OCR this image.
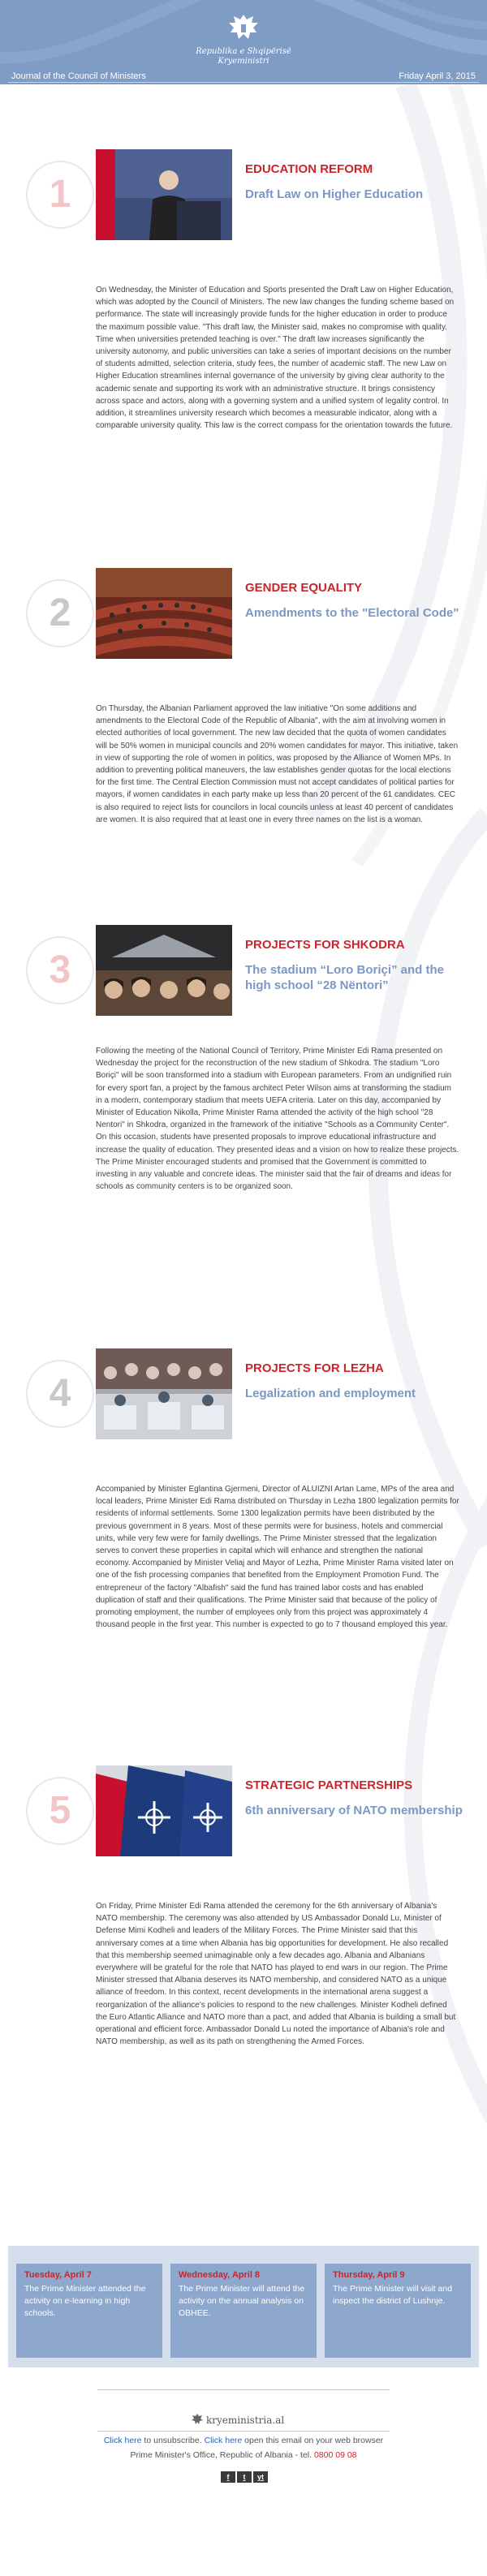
Republika e Shqipërisë
Kryeministri
Journal of the Council of Ministers	Friday April 3, 2015
1
EDUCATION REFORM
Draft Law on Higher Education
On Wednesday, the Minister of Education and Sports presented the Draft Law on Higher Education, which was adopted by the Council of Ministers. The new law changes the funding scheme based on performance. The state will increasingly provide funds for the higher education in order to produce the maximum possible value. "This draft law, the Minister said, makes no compromise with quality. Time when universities pretended teaching is over." The draft law increases significantly the university autonomy, and public universities can take a series of important decisions on the number of students admitted, selection criteria, study fees, the number of academic staff. The new Law on Higher Education streamlines internal governance of the university by giving clear authority to the academic senate and supporting its work with an administrative structure. It brings consistency across space and actors, along with a governing system and a unified system of legality control. In addition, it streamlines university research which becomes a measurable indicator, along with a comparable university quality. This law is the correct compass for the orientation towards the future.
2
GENDER EQUALITY
Amendments to the "Electoral Code"
On Thursday, the Albanian Parliament approved the law initiative "On some additions and amendments to the Electoral Code of the Republic of Albania", with the aim at involving women in elected authorities of local government. The new law decided that the quota of women candidates will be 50% women in municipal councils and 20% women candidates for mayor. This initiative, taken in view of supporting the role of women in politics, was proposed by the Alliance of Women MPs. In addition to preventing political maneuvers, the law establishes gender quotas for the local elections for the first time. The Central Election Commission must not accept candidates of political parties for mayors, if women candidates in each party make up less than 20 percent of the 61 candidates. CEC is also required to reject lists for councilors in local councils unless at least 40 percent of candidates are women. It is also required that at least one in every three names on the list is a woman.
3
PROJECTS FOR SHKODRA
The stadium “Loro Boriçi” and the high school “28 Nëntori”
Following the meeting of the National Council of Territory, Prime Minister Edi Rama presented on Wednesday the project for the reconstruction of the new stadium of Shkodra. The stadium "Loro Boriçi" will be soon transformed into a stadium with European parameters. From an undignified ruin for every sport fan, a project by the famous architect Peter Wilson aims at transforming the stadium in a modern, contemporary stadium that meets UEFA criteria. Later on this day, accompanied by Minister of Education Nikolla, Prime Minister Rama attended the activity of the high school "28 Nentori" in Shkodra, organized in the framework of the initiative "Schools as a Community Center". On this occasion, students have presented proposals to improve educational infrastructure and increase the quality of education. They presented ideas and a vision on how to realize these projects. The Prime Minister encouraged students and promised that the Government is committed to investing in any valuable and concrete ideas. The minister said that the fair of dreams and ideas for schools as community centers is to be organized soon.
4
PROJECTS FOR LEZHA
Legalization and employment
Accompanied by Minister Eglantina Gjermeni, Director of ALUIZNI Artan Lame, MPs of the area and local leaders, Prime Minister Edi Rama distributed on Thursday in Lezha 1800 legalization permits for residents of informal settlements. Some 1300 legalization permits have been distributed by the previous government in 8 years. Most of these permits were for business, hotels and commercial units, while very few were for family dwellings. The Prime Minister stressed that the legalization serves to convert these properties in capital which will enhance and strengthen the national economy. Accompanied by Minister Veliaj and Mayor of Lezha, Prime Minister Rama visited later on one of the fish processing companies that benefited from the Employment Promotion Fund. The entrepreneur of the factory "Albafish" said the fund has trained labor costs and has enabled duplication of staff and their qualifications. The Prime Minister said that because of the policy of promoting employment, the number of employees only from this project was approximately 4 thousand people in the first year. This number is expected to go to 7 thousand employed this year.
5
STRATEGIC PARTNERSHIPS
6th anniversary of NATO membership
On Friday, Prime Minister Edi Rama attended the ceremony for the 6th anniversary of Albania's NATO membership. The ceremony was also attended by US Ambassador Donald Lu, Minister of Defense Mimi Kodheli and leaders of the Military Forces. The Prime Minister said that this anniversary comes at a time when Albania has big opportunities for development. He also recalled that this membership seemed unimaginable only a few decades ago. Albania and Albanians everywhere will be grateful for the role that NATO has played to end wars in our region. The Prime Minister stressed that Albania deserves its NATO membership, and considered NATO as a unique alliance of freedom. In this context, recent developments in the international arena suggest a reorganization of the alliance's policies to respond to the new challenges. Minister Kodheli defined the Euro Atlantic Alliance and NATO more than a pact, and added that Albania is building a small but operational and efficient force. Ambassador Donald Lu noted the importance of Albania's role and NATO membership, as well as its path on strengthening the Armed Forces.
Tuesday, April 7
The Prime Minister attended the activity on e-learning in high schools.
Wednesday, April 8
The Prime Minister will attend the activity on the annual analysis on OBHEE.
Thursday, April 9
The Prime Minister will visit and inspect the district of Lushnje.
kryeministria.al
Click here to unsubscribe. Click here open this email on your web browser
Prime Minister's Office, Republic of Albania - tel. 0800 09 08
f	t	yt
